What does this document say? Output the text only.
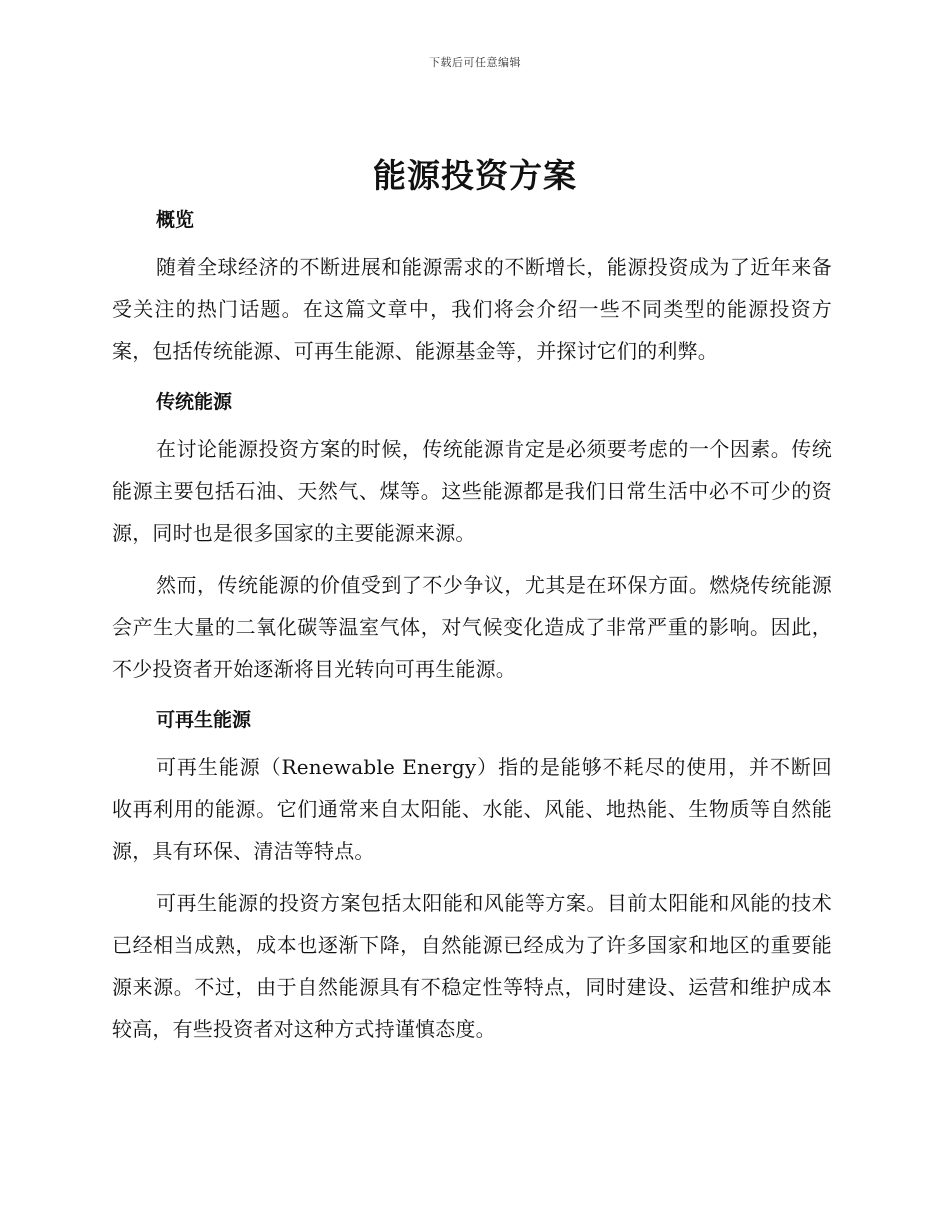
下载后可任意编辑
能源投资方案
概览

随着全球经济的不断进展和能源需求的不断增长，能源投资成为了近年来备受关注的热门话题。在这篇文章中，我们将会介绍一些不同类型的能源投资方案，包括传统能源、可再生能源、能源基金等，并探讨它们的利弊。

传统能源

在讨论能源投资方案的时候，传统能源肯定是必须要考虑的一个因素。传统能源主要包括石油、天然气、煤等。这些能源都是我们日常生活中必不可少的资源，同时也是很多国家的主要能源来源。

然而，传统能源的价值受到了不少争议，尤其是在环保方面。燃烧传统能源会产生大量的二氧化碳等温室气体，对气候变化造成了非常严重的影响。因此，不少投资者开始逐渐将目光转向可再生能源。

可再生能源

可再生能源（Renewable Energy）指的是能够不耗尽的使用，并不断回收再利用的能源。它们通常来自太阳能、水能、风能、地热能、生物质等自然能源，具有环保、清洁等特点。

可再生能源的投资方案包括太阳能和风能等方案。目前太阳能和风能的技术已经相当成熟，成本也逐渐下降，自然能源已经成为了许多国家和地区的重要能源来源。不过，由于自然能源具有不稳定性等特点，同时建设、运营和维护成本较高，有些投资者对这种方式持谨慎态度。
